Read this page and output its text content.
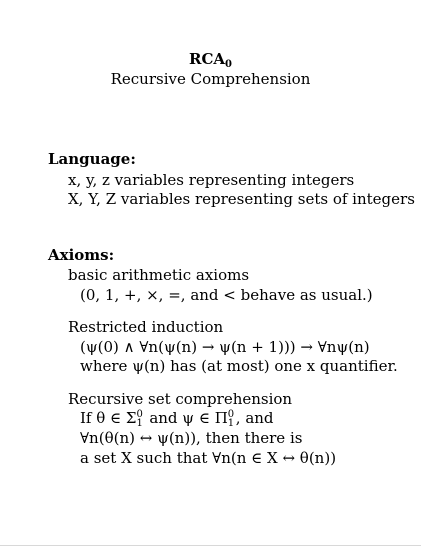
$RCA_0$
Recursive Comprehension
Language:
x, y, z variables representing integers
X, Y, Z variables representing sets of integers
Axioms:
basic arithmetic axioms
(0, 1, +, ×, =, and < behave as usual.)
Restricted induction
(ψ(0) ∧ ∀n(ψ(n) → ψ(n + 1))) → ∀nψ(n)
where ψ(n) has (at most) one x quantifier.
Recursive set comprehension
If θ ∈ Σ 0
1 and ψ ∈ Π 0
1 , and
∀n(θ(n) ↔ ψ(n)), then there is
a set X such that ∀n(n ∈ X ↔ θ(n))
